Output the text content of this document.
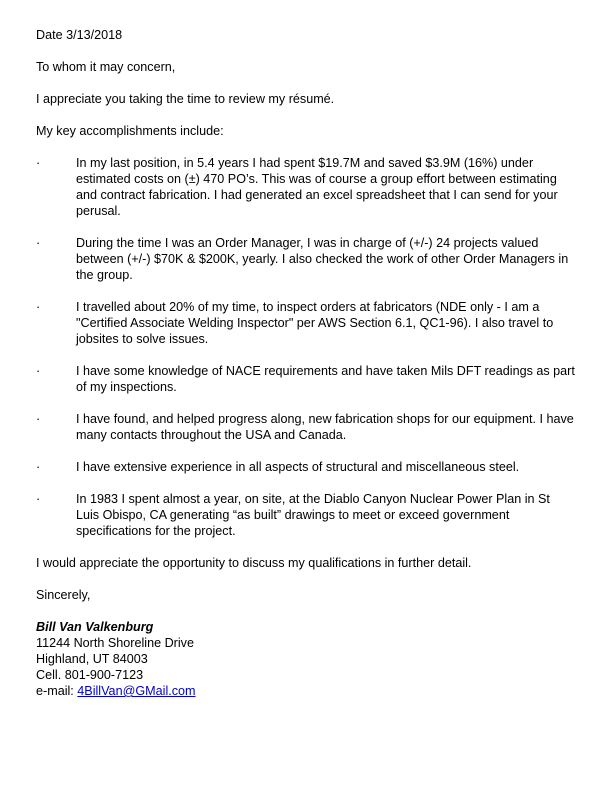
Date 3/13/2018

To whom it may concern,

I appreciate you taking the time to review my résumé.

My key accomplishments include:

·	In my last position, in 5.4 years I had spent $19.7M and saved $3.9M (16%) under estimated costs on (±) 470 PO’s. This was of course a group effort between estimating and contract fabrication. I had generated an excel spreadsheet that I can send for your perusal.
·	During the time I was an Order Manager, I was in charge of (+/-) 24 projects valued between (+/-) $70K & $200K, yearly. I also checked the work of other Order Managers in the group.
·	I travelled about 20% of my time, to inspect orders at fabricators (NDE only - I am a "Certified Associate Welding Inspector" per AWS Section 6.1, QC1-96). I also travel to jobsites to solve issues.
·	I have some knowledge of NACE requirements and have taken Mils DFT readings as part of my inspections.
·	I have found, and helped progress along, new fabrication shops for our equipment. I have many contacts throughout the USA and Canada.
·	I have extensive experience in all aspects of structural and miscellaneous steel.
·	In 1983 I spent almost a year, on site, at the Diablo Canyon Nuclear Power Plan in St Luis Obispo, CA generating “as built” drawings to meet or exceed government specifications for the project.

I would appreciate the opportunity to discuss my qualifications in further detail.

Sincerely,

Bill Van Valkenburg
11244 North Shoreline Drive
Highland, UT 84003
Cell. 801-900-7123
e-mail: 4BillVan@GMail.com
